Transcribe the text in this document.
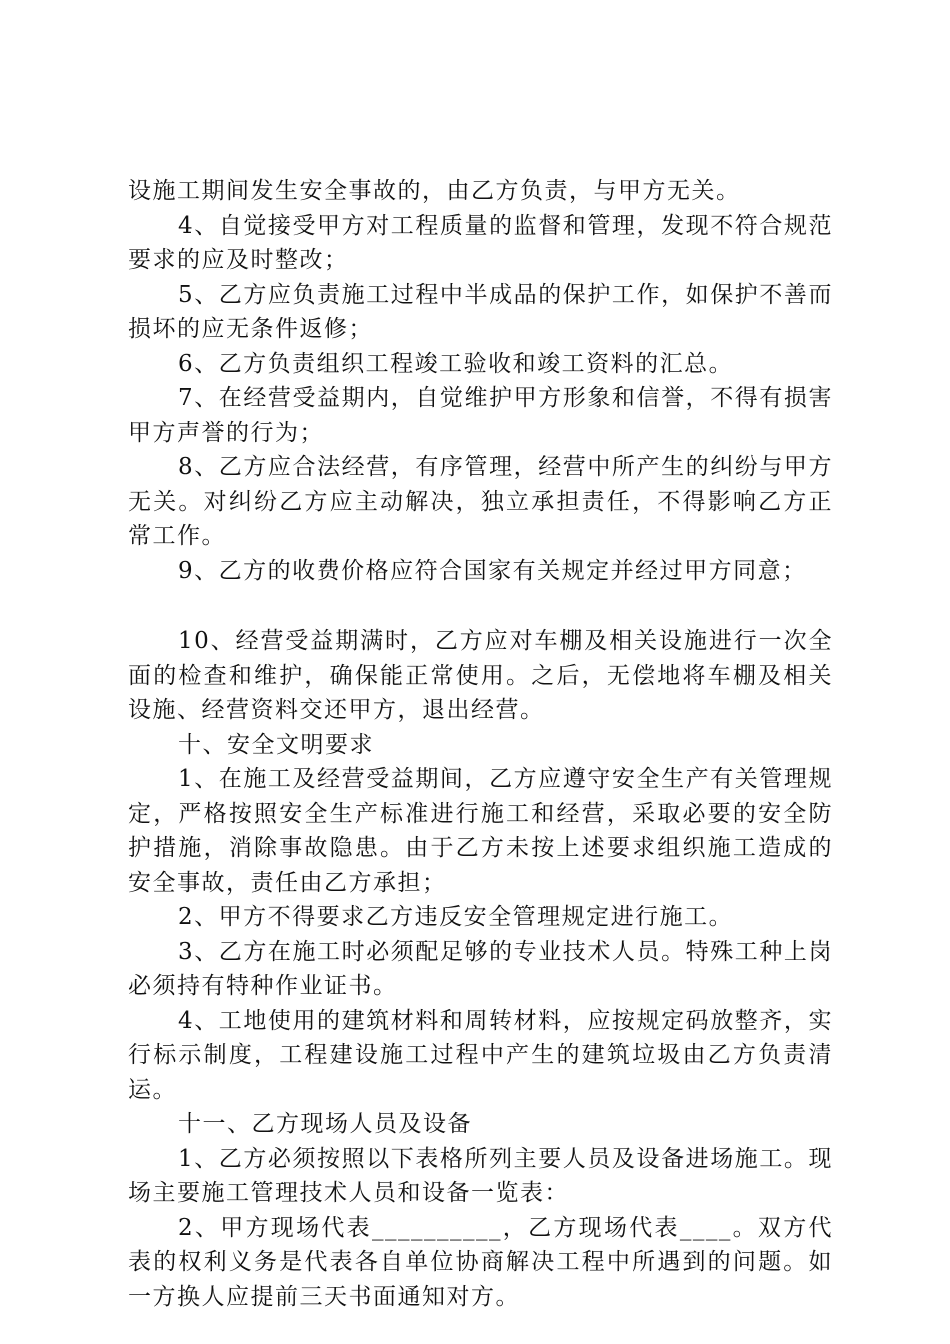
设施工期间发生安全事故的，由乙方负责，与甲方无关。

4、自觉接受甲方对工程质量的监督和管理，发现不符合规范要求的应及时整改；

5、乙方应负责施工过程中半成品的保护工作，如保护不善而损坏的应无条件返修；

6、乙方负责组织工程竣工验收和竣工资料的汇总。

7、在经营受益期内，自觉维护甲方形象和信誉，不得有损害甲方声誉的行为；

8、乙方应合法经营，有序管理，经营中所产生的纠纷与甲方无关。对纠纷乙方应主动解决，独立承担责任，不得影响乙方正常工作。

9、乙方的收费价格应符合国家有关规定并经过甲方同意；

10、经营受益期满时，乙方应对车棚及相关设施进行一次全面的检查和维护，确保能正常使用。之后，无偿地将车棚及相关设施、经营资料交还甲方，退出经营。

十、安全文明要求

1、在施工及经营受益期间，乙方应遵守安全生产有关管理规定，严格按照安全生产标准进行施工和经营，采取必要的安全防护措施，消除事故隐患。由于乙方未按上述要求组织施工造成的安全事故，责任由乙方承担；

2、甲方不得要求乙方违反安全管理规定进行施工。

3、乙方在施工时必须配足够的专业技术人员。特殊工种上岗必须持有特种作业证书。

4、工地使用的建筑材料和周转材料，应按规定码放整齐，实行标示制度，工程建设施工过程中产生的建筑垃圾由乙方负责清运。

十一、乙方现场人员及设备

1、乙方必须按照以下表格所列主要人员及设备进场施工。现场主要施工管理技术人员和设备一览表：

2、甲方现场代表__________，乙方现场代表____。双方代表的权利义务是代表各自单位协商解决工程中所遇到的问题。如一方换人应提前三天书面通知对方。
